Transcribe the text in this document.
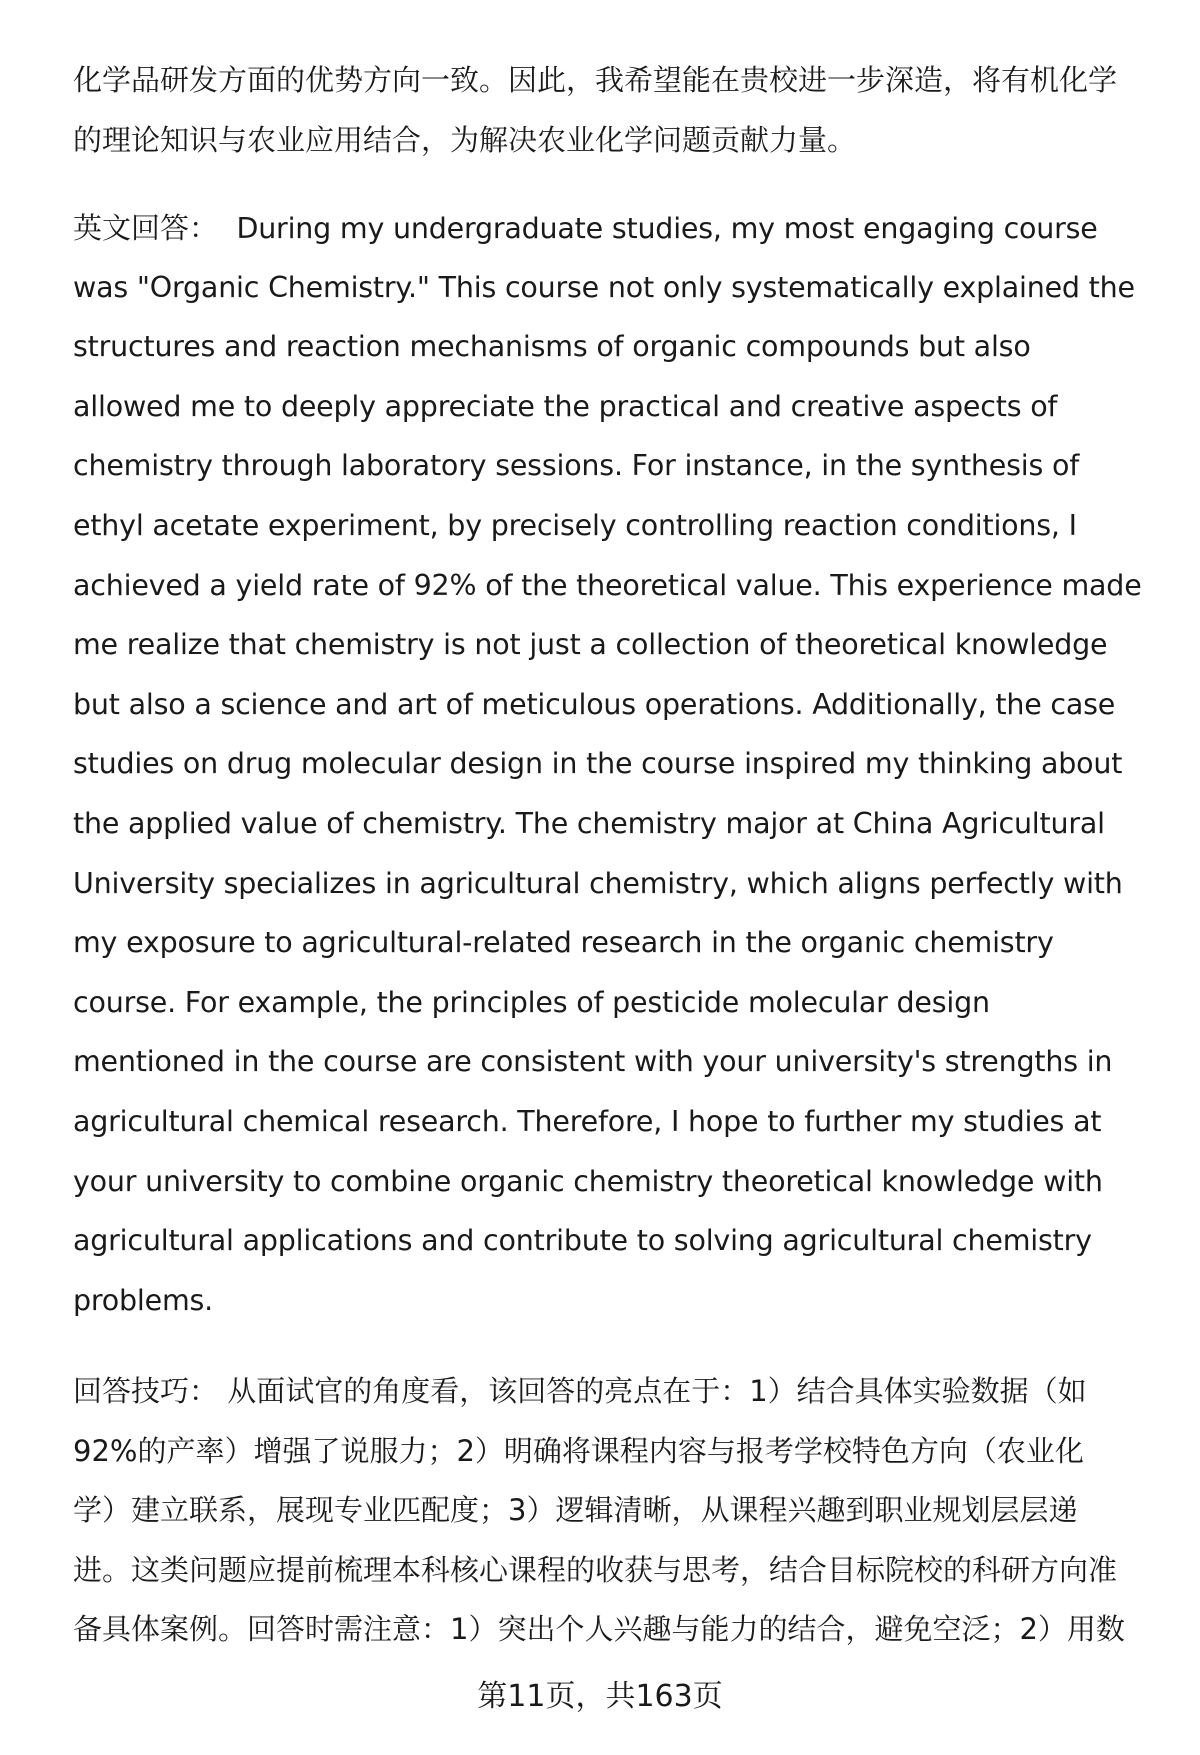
化学品研发方面的优势方向一致。因此，我希望能在贵校进一步深造，将有机化学
的理论知识与农业应用结合，为解决农业化学问题贡献力量。
英文回答： During my undergraduate studies, my most engaging course
was "Organic Chemistry." This course not only systematically explained the
structures and reaction mechanisms of organic compounds but also
allowed me to deeply appreciate the practical and creative aspects of
chemistry through laboratory sessions. For instance, in the synthesis of
ethyl acetate experiment, by precisely controlling reaction conditions, I
achieved a yield rate of 92% of the theoretical value. This experience made
me realize that chemistry is not just a collection of theoretical knowledge
but also a science and art of meticulous operations. Additionally, the case
studies on drug molecular design in the course inspired my thinking about
the applied value of chemistry. The chemistry major at China Agricultural
University specializes in agricultural chemistry, which aligns perfectly with
my exposure to agricultural-related research in the organic chemistry
course. For example, the principles of pesticide molecular design
mentioned in the course are consistent with your university's strengths in
agricultural chemical research. Therefore, I hope to further my studies at
your university to combine organic chemistry theoretical knowledge with
agricultural applications and contribute to solving agricultural chemistry
problems.
回答技巧： 从面试官的角度看，该回答的亮点在于：1）结合具体实验数据（如
92%的产率）增强了说服力；2）明确将课程内容与报考学校特色方向（农业化
学）建立联系，展现专业匹配度；3）逻辑清晰，从课程兴趣到职业规划层层递
进。这类问题应提前梳理本科核心课程的收获与思考，结合目标院校的科研方向准
备具体案例。回答时需注意：1）突出个人兴趣与能力的结合，避免空泛；2）用数
第11页，共163页
